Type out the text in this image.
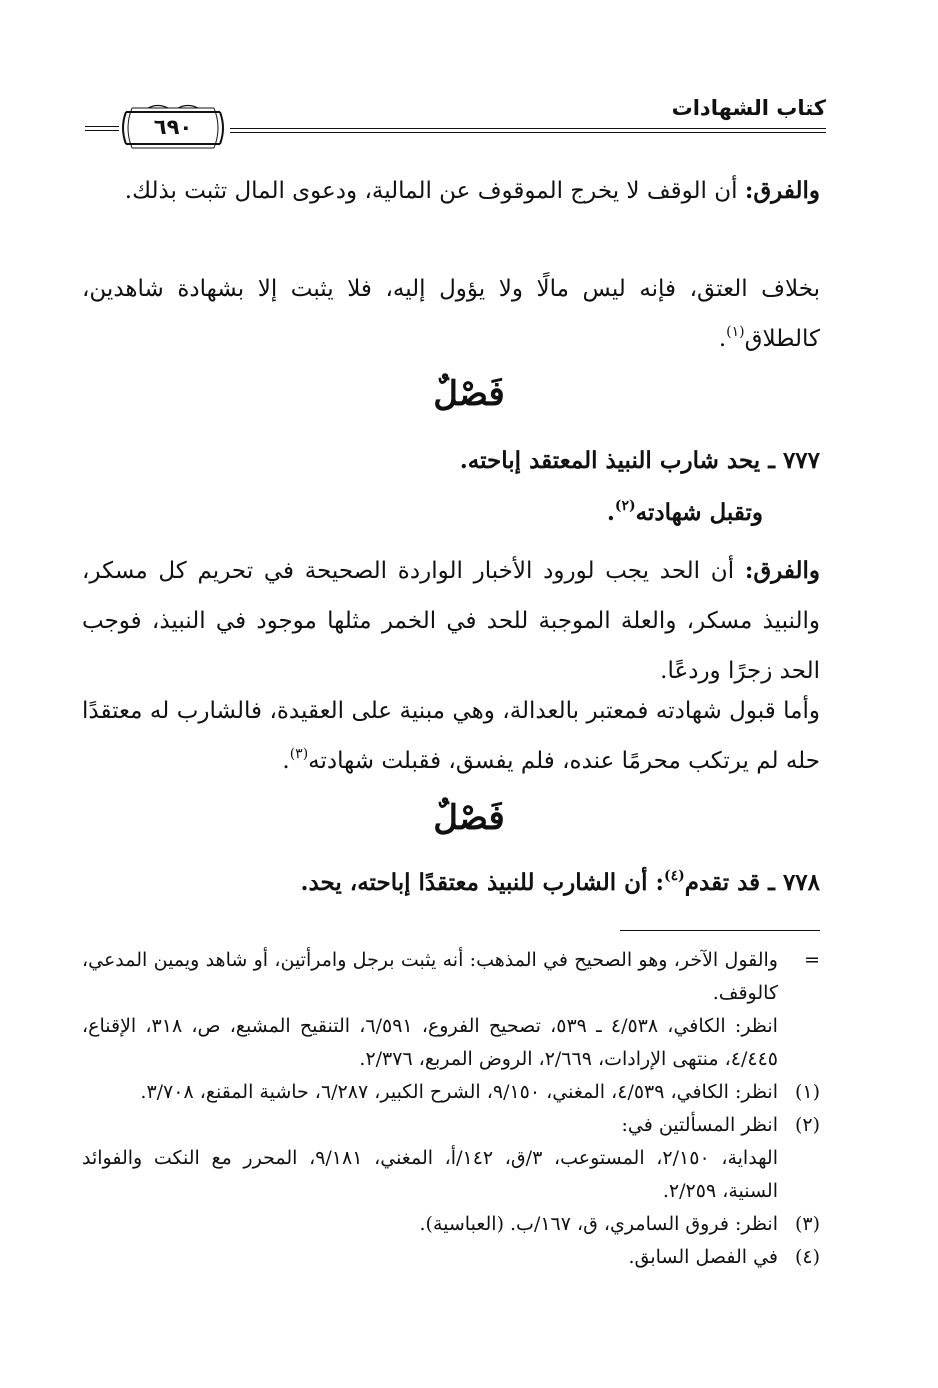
كتاب الشهادات
٦٩٠
والفرق: أن الوقف لا يخرج الموقوف عن المالية، ودعوى المال تثبت بذلك.
بخلاف العتق، فإنه ليس مالًا ولا يؤول إليه، فلا يثبت إلا بشهادة شاهدين، كالطلاق$^{(١)}$.
فَصْلٌ
٧٧٧ ـ يحد شارب النبيذ المعتقد إباحته.
وتقبل شهادته$^{(٢)}$.
والفرق: أن الحد يجب لورود الأخبار الواردة الصحيحة في تحريم كل مسكر، والنبيذ مسكر، والعلة الموجبة للحد في الخمر مثلها موجود في النبيذ، فوجب الحد زجرًا وردعًا.
وأما قبول شهادته فمعتبر بالعدالة، وهي مبنية على العقيدة، فالشارب له معتقدًا حله لم يرتكب محرمًا عنده، فلم يفسق، فقبلت شهادته$^{(٣)}$.
فَصْلٌ
٧٧٨ ـ قد تقدم$^{(٤)}$: أن الشارب للنبيذ معتقدًا إباحته، يحد.
=
والقول الآخر، وهو الصحيح في المذهب: أنه يثبت برجل وامرأتين، أو شاهد ويمين المدعي، كالوقف.
انظر: الكافي، ٤/٥٣٨ ـ ٥٣٩، تصحيح الفروع، ٦/٥٩١، التنقيح المشبع، ص، ٣١٨، الإقناع، ٤/٤٤٥، منتهى الإرادات، ٢/٦٦٩، الروض المربع، ٢/٣٧٦.
(١)
انظر: الكافي، ٤/٥٣٩، المغني، ٩/١٥٠، الشرح الكبير، ٦/٢٨٧، حاشية المقنع، ٣/٧٠٨.
(٢)
انظر المسألتين في:
الهداية، ٢/١٥٠، المستوعب، ٣/ق، ١٤٢/أ، المغني، ٩/١٨١، المحرر مع النكت والفوائد السنية، ٢/٢٥٩.
(٣)
انظر: فروق السامري، ق، ١٦٧/ب. (العباسية).
(٤)
في الفصل السابق.
